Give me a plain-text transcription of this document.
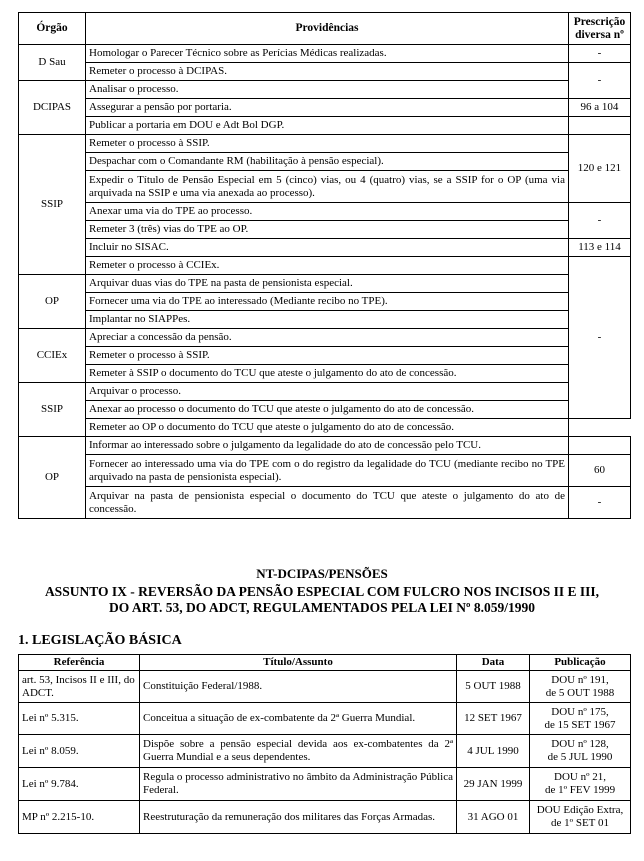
Órgão	Providências	Prescrição diversa nº
D Sau	Homologar o Parecer Técnico sobre as Perícias Médicas realizadas.	-
	Remeter o processo à DCIPAS.	-
DCIPAS	Analisar o processo.	
	Assegurar a pensão por portaria.	96 a 104
	Publicar a portaria em DOU e Adt Bol DGP.	
SSIP	Remeter o processo à SSIP.	120 e 121
	Despachar com o Comandante RM (habilitação à pensão especial).	
	Expedir o Título de Pensão Especial em 5 (cinco) vias, ou 4 (quatro) vias, se a SSIP for o OP (uma via arquivada na SSIP e uma via anexada ao processo).	
	Anexar uma via do TPE ao processo.	-
	Remeter 3 (três) vias do TPE ao OP.	
	Incluir no SISAC.	113 e 114
	Remeter o processo à CCIEx.	-
OP	Arquivar duas vias do TPE na pasta de pensionista especial.	
	Fornecer uma via do TPE ao interessado (Mediante recibo no TPE).	
	Implantar no SIAPPes.	
CCIEx	Apreciar a concessão da pensão.	
	Remeter o processo à SSIP.	
	Remeter à SSIP o documento do TCU que ateste o julgamento do ato de concessão.	
SSIP	Arquivar o processo.	
	Anexar ao processo o documento do TCU que ateste o julgamento do ato de concessão.	
	Remeter ao OP o documento do TCU que ateste o julgamento do ato de concessão.	
OP	Informar ao interessado sobre o julgamento da legalidade do ato de concessão pelo TCU.	
	Fornecer ao interessado uma via do TPE com o do registro da legalidade do TCU (mediante recibo no TPE arquivado na pasta de pensionista especial).	60
	Arquivar na pasta de pensionista especial o documento do TCU que ateste o julgamento do ato de concessão.	-
NT-DCIPAS/PENSÕES
ASSUNTO IX - REVERSÃO DA PENSÃO ESPECIAL COM FULCRO NOS INCISOS II E III,
DO ART. 53, DO ADCT, REGULAMENTADOS PELA LEI Nº 8.059/1990
1. LEGISLAÇÃO BÁSICA
Referência	Título/Assunto	Data	Publicação
art. 53, Incisos II e III, do ADCT.	Constituição Federal/1988.	5 OUT 1988	DOU nº 191,
de 5 OUT 1988

Lei nº 5.315.	Conceitua a situação de ex-combatente da 2ª Guerra Mundial.	12 SET 1967	DOU nº 175,
de 15 SET 1967

Lei nº 8.059.	Dispõe sobre a pensão especial devida aos ex-combatentes da 2ª Guerra Mundial e a seus dependentes.	4 JUL 1990	DOU nº 128,
de 5 JUL 1990

Lei nº 9.784.	Regula o processo administrativo no âmbito da Administração Pública Federal.	29 JAN 1999	DOU nº 21,
de 1º FEV 1999

MP nº 2.215-10.	Reestruturação da remuneração dos militares das Forças Armadas.	31 AGO 01	DOU Edição Extra,
de 1º SET 01
